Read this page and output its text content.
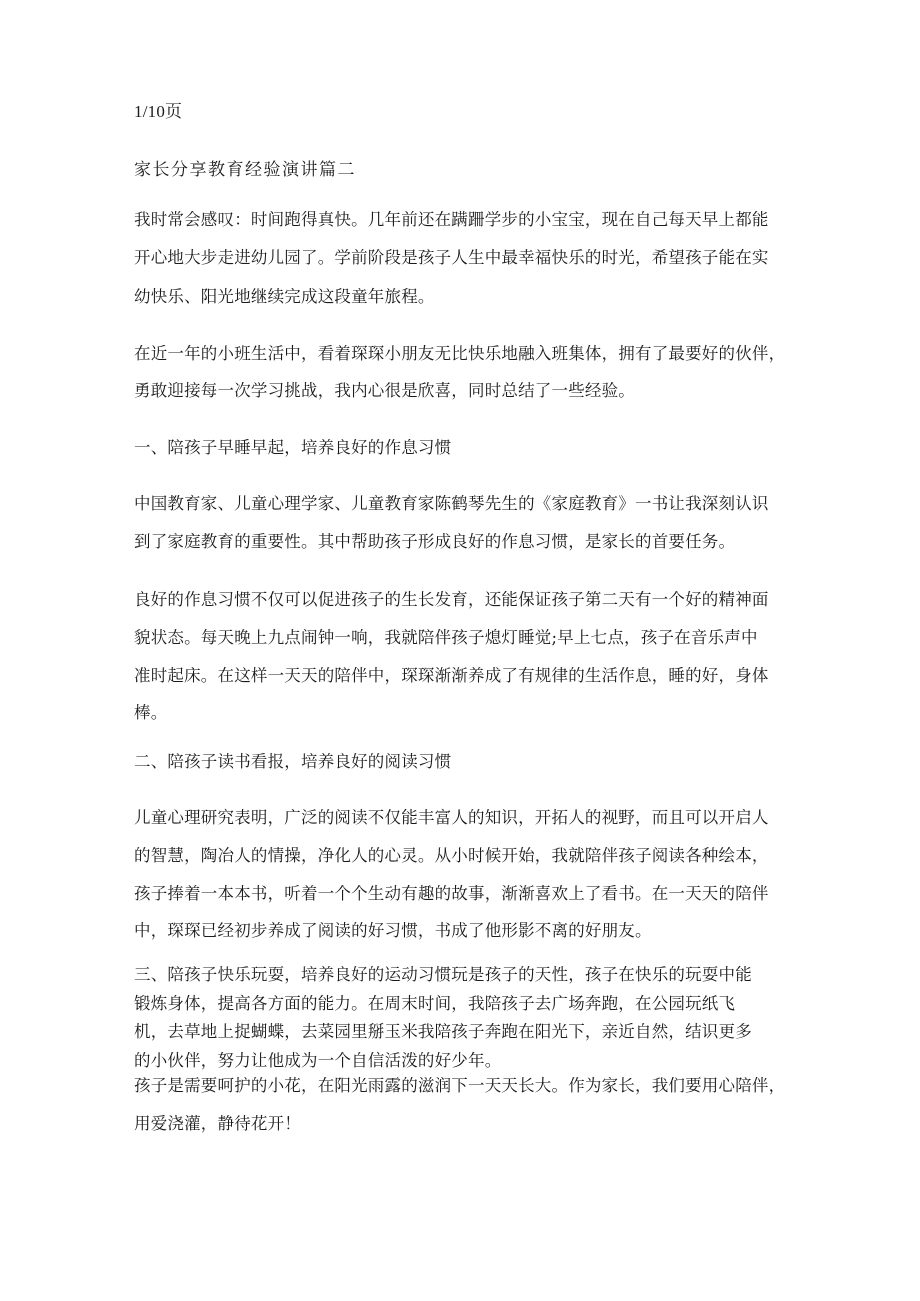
1/10页
家长分享教育经验演讲篇二
我时常会感叹：时间跑得真快。几年前还在蹒跚学步的小宝宝，现在自己每天早上都能
开心地大步走进幼儿园了。学前阶段是孩子人生中最幸福快乐的时光，希望孩子能在实
幼快乐、阳光地继续完成这段童年旅程。
在近一年的小班生活中，看着琛琛小朋友无比快乐地融入班集体，拥有了最要好的伙伴，
勇敢迎接每一次学习挑战，我内心很是欣喜，同时总结了一些经验。
一、陪孩子早睡早起，培养良好的作息习惯
中国教育家、儿童心理学家、儿童教育家陈鹤琴先生的《家庭教育》一书让我深刻认识
到了家庭教育的重要性。其中帮助孩子形成良好的作息习惯，是家长的首要任务。
良好的作息习惯不仅可以促进孩子的生长发育，还能保证孩子第二天有一个好的精神面
貌状态。每天晚上九点闹钟一响，我就陪伴孩子熄灯睡觉;早上七点，孩子在音乐声中
准时起床。在这样一天天的陪伴中，琛琛渐渐养成了有规律的生活作息，睡的好，身体
棒。
二、陪孩子读书看报，培养良好的阅读习惯
儿童心理研究表明，广泛的阅读不仅能丰富人的知识，开拓人的视野，而且可以开启人
的智慧，陶冶人的情操，净化人的心灵。从小时候开始，我就陪伴孩子阅读各种绘本，
孩子捧着一本本书，听着一个个生动有趣的故事，渐渐喜欢上了看书。在一天天的陪伴
中，琛琛已经初步养成了阅读的好习惯，书成了他形影不离的好朋友。
三、陪孩子快乐玩耍，培养良好的运动习惯玩是孩子的天性，孩子在快乐的玩耍中能
锻炼身体，提高各方面的能力。在周末时间，我陪孩子去广场奔跑，在公园玩纸飞
机，去草地上捉蝴蝶，去菜园里掰玉米我陪孩子奔跑在阳光下，亲近自然，结识更多
的小伙伴，努力让他成为一个自信活泼的好少年。
孩子是需要呵护的小花，在阳光雨露的滋润下一天天长大。作为家长，我们要用心陪伴，
用爱浇灌，静待花开！
